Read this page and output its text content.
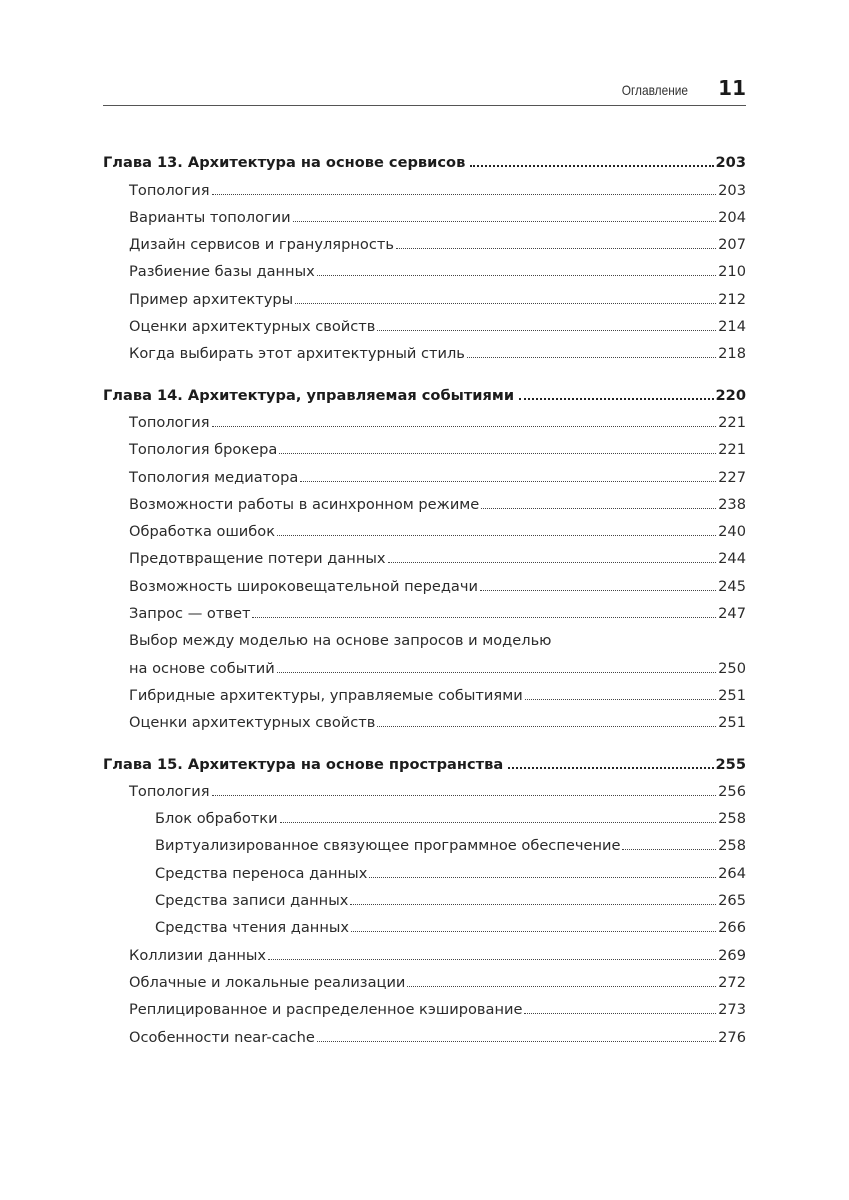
Оглавление 11
Глава 13. Архитектура на основе сервисов	203
Топология	203
Варианты топологии	204
Дизайн сервисов и гранулярность	207
Разбиение базы данных	210
Пример архитектуры	212
Оценки архитектурных свойств	214
Когда выбирать этот архитектурный стиль	218
Глава 14. Архитектура, управляемая событиями	220
Топология	221
Топология брокера	221
Топология медиатора	227
Возможности работы в асинхронном режиме	238
Обработка ошибок	240
Предотвращение потери данных	244
Возможность широковещательной передачи	245
Запрос — ответ	247
Выбор между моделью на основе запросов и моделью
на основе событий	250
Гибридные архитектуры, управляемые событиями	251
Оценки архитектурных свойств	251
Глава 15. Архитектура на основе пространства	255
Топология	256
Блок обработки	258
Виртуализированное связующее программное обеспечение	258
Средства переноса данных	264
Средства записи данных	265
Средства чтения данных	266
Коллизии данных	269
Облачные и локальные реализации	272
Реплицированное и распределенное кэширование	273
Особенности near-cache	276
